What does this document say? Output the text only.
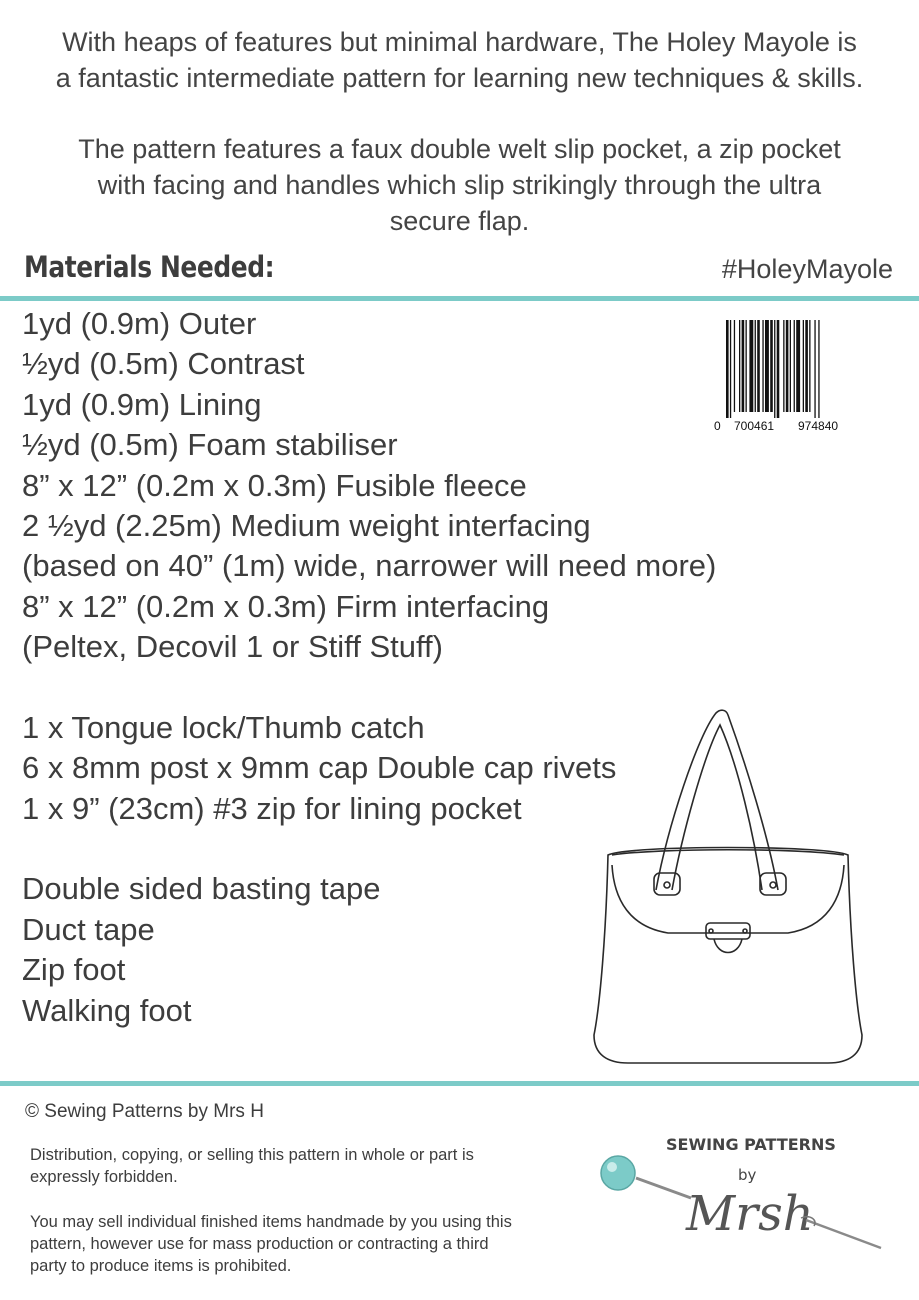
With heaps of features but minimal hardware, The Holey Mayole is
a fantastic intermediate pattern for learning new techniques & skills.
The pattern features a faux double welt slip pocket, a zip pocket
with facing and handles which slip strikingly through the ultra
secure flap.
Materials Needed:	#HoleyMayole
1yd (0.9m) Outer
½yd (0.5m) Contrast
1yd (0.9m) Lining
½yd (0.5m) Foam stabiliser
8” x 12” (0.2m x 0.3m) Fusible fleece
2 ½yd (2.25m) Medium weight interfacing
(based on 40” (1m) wide, narrower will need more)
8” x 12” (0.2m x 0.3m) Firm interfacing
(Peltex, Decovil 1 or Stiff Stuff)
1 x Tongue lock/Thumb catch
6 x 8mm post x 9mm cap Double cap rivets
1 x 9” (23cm) #3 zip for lining pocket
Double sided basting tape
Duct tape
Zip foot
Walking foot
0 700461 974840
© Sewing Patterns by Mrs H
Distribution, copying, or selling this pattern in whole or part is
expressly forbidden.
You may sell individual finished items handmade by you using this
pattern, however use for mass production or contracting a third
party to produce items is prohibited.
SEWING PATTERNS
by
Mrsh
